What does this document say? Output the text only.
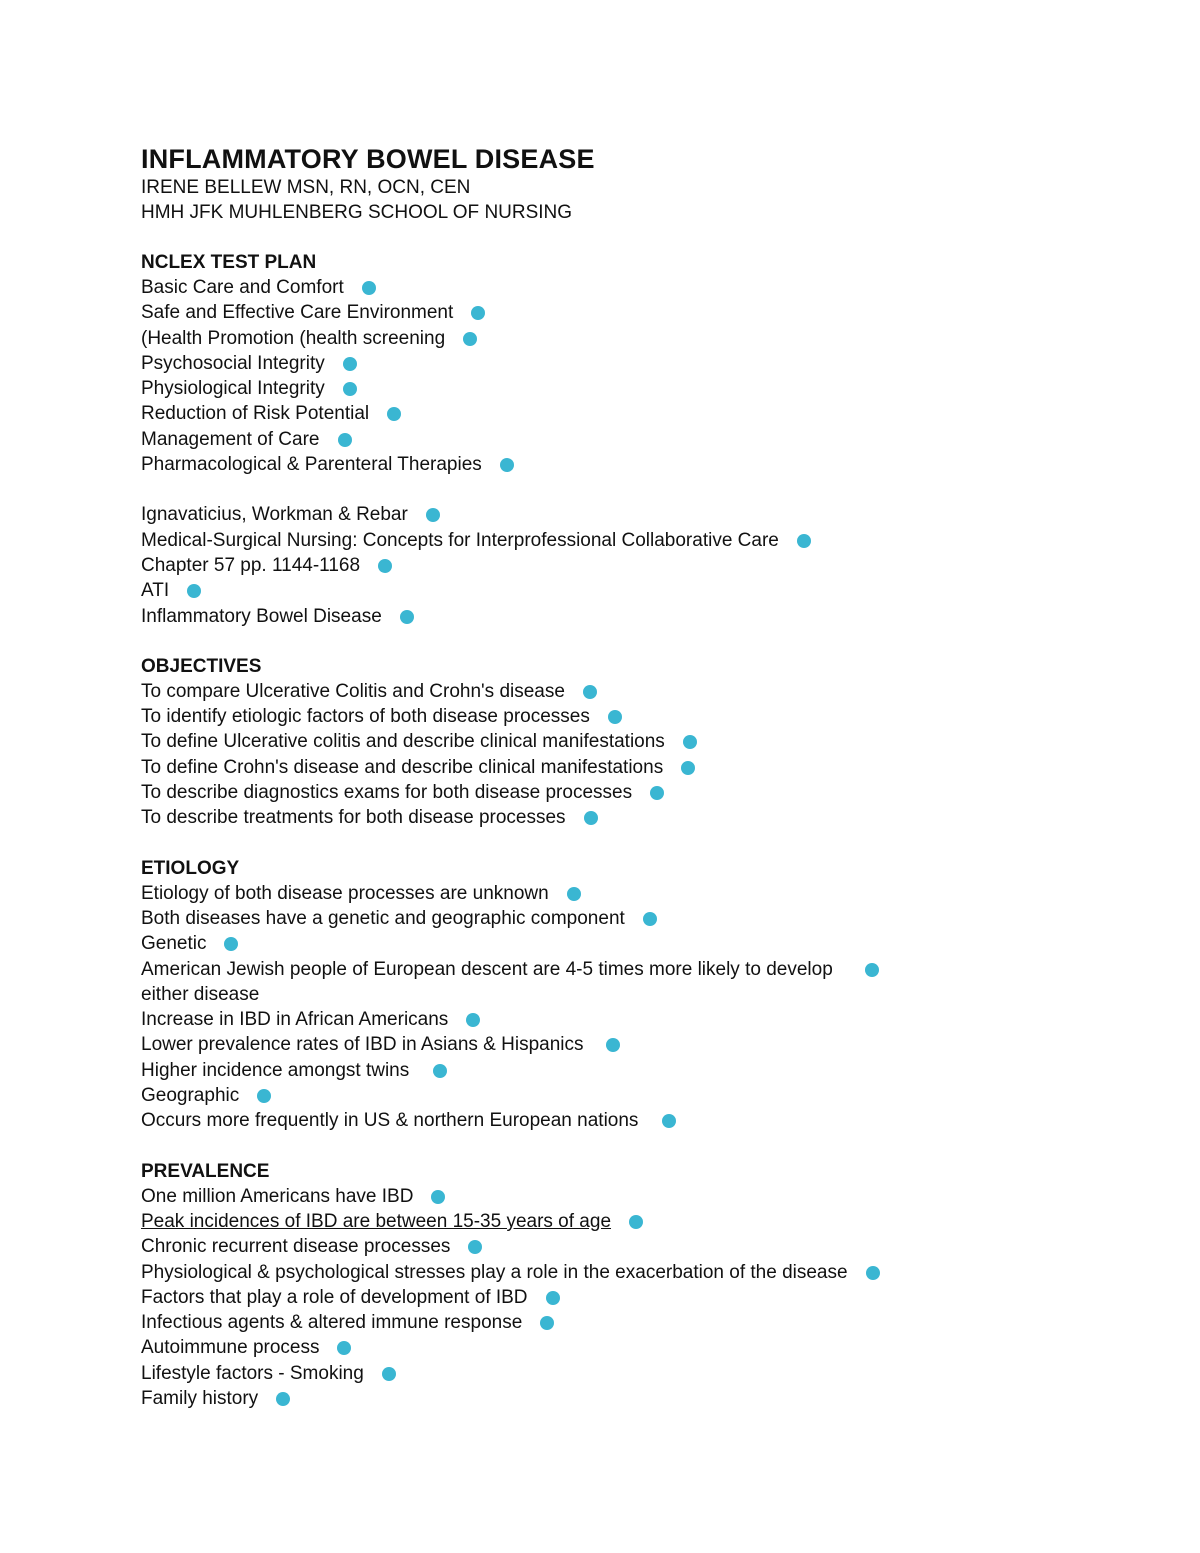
INFLAMMATORY BOWEL DISEASE

IRENE BELLEW MSN, RN, OCN, CEN

HMH JFK MUHLENBERG SCHOOL OF NURSING

NCLEX TEST PLAN

Basic Care and Comfort
Safe and Effective Care Environment
(Health Promotion (health screening
Psychosocial Integrity
Physiological Integrity
Reduction of Risk Potential
Management of Care
Pharmacological & Parenteral Therapies
Ignavaticius, Workman & Rebar
Medical-Surgical Nursing: Concepts for Interprofessional Collaborative Care
Chapter 57 pp. 1144-1168
ATI
Inflammatory Bowel Disease

OBJECTIVES

To compare Ulcerative Colitis and Crohn's disease
To identify etiologic factors of both disease processes
To define Ulcerative colitis and describe clinical manifestations
To define Crohn's disease and describe clinical manifestations
To describe diagnostics exams for both disease processes
To describe treatments for both disease processes

ETIOLOGY

Etiology of both disease processes are unknown
Both diseases have a genetic and geographic component
Genetic
American Jewish people of European descent are 4-5 times more likely to develop
either disease
Increase in IBD in African Americans
Lower prevalence rates of IBD in Asians & Hispanics
Higher incidence amongst twins
Geographic
Occurs more frequently in US & northern European nations

PREVALENCE

One million Americans have IBD
Peak incidences of IBD are between 15-35 years of age
Chronic recurrent disease processes
Physiological & psychological stresses play a role in the exacerbation of the disease
Factors that play a role of development of IBD
Infectious agents & altered immune response
Autoimmune process
Lifestyle factors - Smoking
Family history
